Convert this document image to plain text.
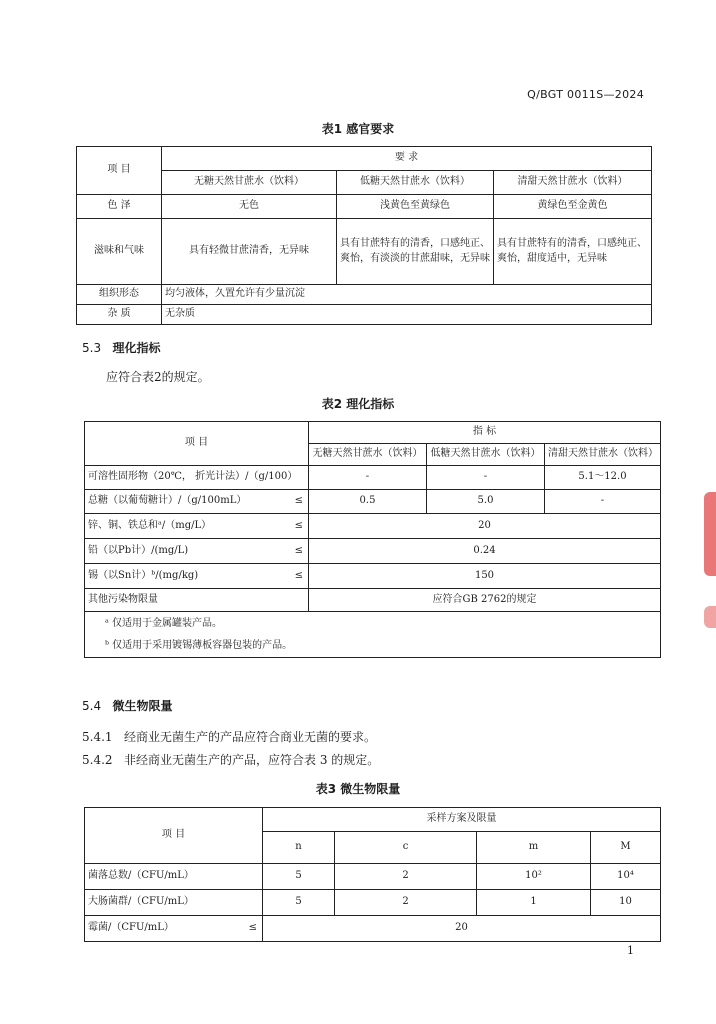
Q/BGT 0011S—2024
表1 感官要求
项 目	要 求		
	无糖天然甘蔗水（饮料）	低糖天然甘蔗水（饮料）	清甜天然甘蔗水（饮料）
色 泽	无色	浅黄色至黄绿色	黄绿色至金黄色
滋味和气味	具有轻微甘蔗清香，无异味	具有甘蔗特有的清香，口感纯正、爽怡，有淡淡的甘蔗甜味，无异味	具有甘蔗特有的清香，口感纯正、爽怡，甜度适中，无异味
组织形态	均匀液体，久置允许有少量沉淀		
杂 质	无杂质		
5.3 理化指标
应符合表2的规定。
表2 理化指标
项 目	指 标		
	无糖天然甘蔗水（饮料）	低糖天然甘蔗水（饮料）	清甜天然甘蔗水（饮料）
可溶性固形物（20℃， 折光计法）/（g/100）	-	-	5.1～12.0

总糖（以葡萄糖计）/（g/100mL） ≤	0.5	5.0	-

锌、铜、铁总和ᵃ/（mg/L） ≤	20		

铅（以Pb计）/(mg/L) ≤	0.24		

锡（以Sn计）ᵇ/(mg/kg) ≤	150		
其他污染物限量	应符合GB 2762的规定		
ᵃ 仅适用于金属罐装产品。			
ᵇ 仅适用于采用镀锡薄板容器包装的产品。			
5.4 微生物限量
5.4.1 经商业无菌生产的产品应符合商业无菌的要求。
5.4.2 非经商业无菌生产的产品，应符合表 3 的规定。
表3 微生物限量
项 目	采样方案及限量			
	n	c	m	M
菌落总数/（CFU/mL）	5	2	10²	10⁴
大肠菌群/（CFU/mL）	5	2	1	10

霉菌/（CFU/mL） ≤	20			
1
